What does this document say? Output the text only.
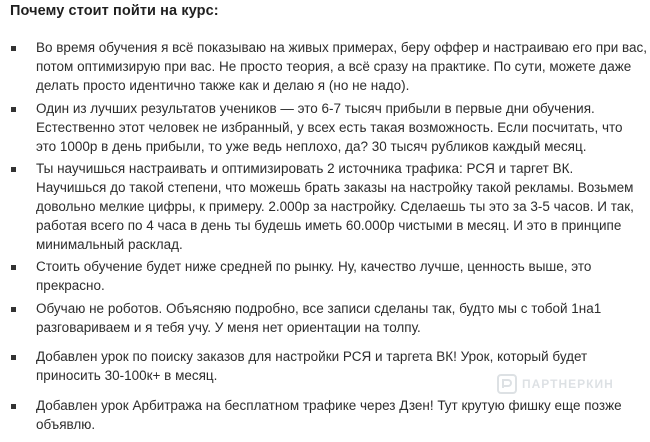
Почему стоит пойти на курс:
Во время обучения я всё показываю на живых примерах, беру оффер и настраиваю его при вас,
потом оптимизирую при вас. Не просто теория, а всё сразу на практике. По сути, можете даже
делать просто идентично также как и делаю я (но не надо).
Один из лучших результатов учеников — это 6-7 тысяч прибыли в первые дни обучения.
Естественно этот человек не избранный, у всех есть такая возможность. Если посчитать, что
это 1000р в день прибыли, то уже ведь неплохо, да? 30 тысяч рубликов каждый месяц.
Ты научишься настраивать и оптимизировать 2 источника трафика: РСЯ и таргет ВК.
Научишься до такой степени, что можешь брать заказы на настройку такой рекламы. Возьмем
довольно мелкие цифры, к примеру. 2.000р за настройку. Сделаешь ты это за 3-5 часов. И так,
работая всего по 4 часа в день ты будешь иметь 60.000р чистыми в месяц. И это в принципе
минимальный расклад.
Стоить обучение будет ниже средней по рынку. Ну, качество лучше, ценность выше, это
прекрасно.
Обучаю не роботов. Объясняю подробно, все записи сделаны так, будто мы с тобой 1на1
разговариваем и я тебя учу. У меня нет ориентации на толпу.
Добавлен урок по поиску заказов для настройки РСЯ и таргета ВК! Урок, который будет
приносить 30-100к+ в месяц.
Добавлен урок Арбитража на бесплатном трафике через Дзен! Тут крутую фишку еще позже
объявлю.
ПАРТНЕРКИН
